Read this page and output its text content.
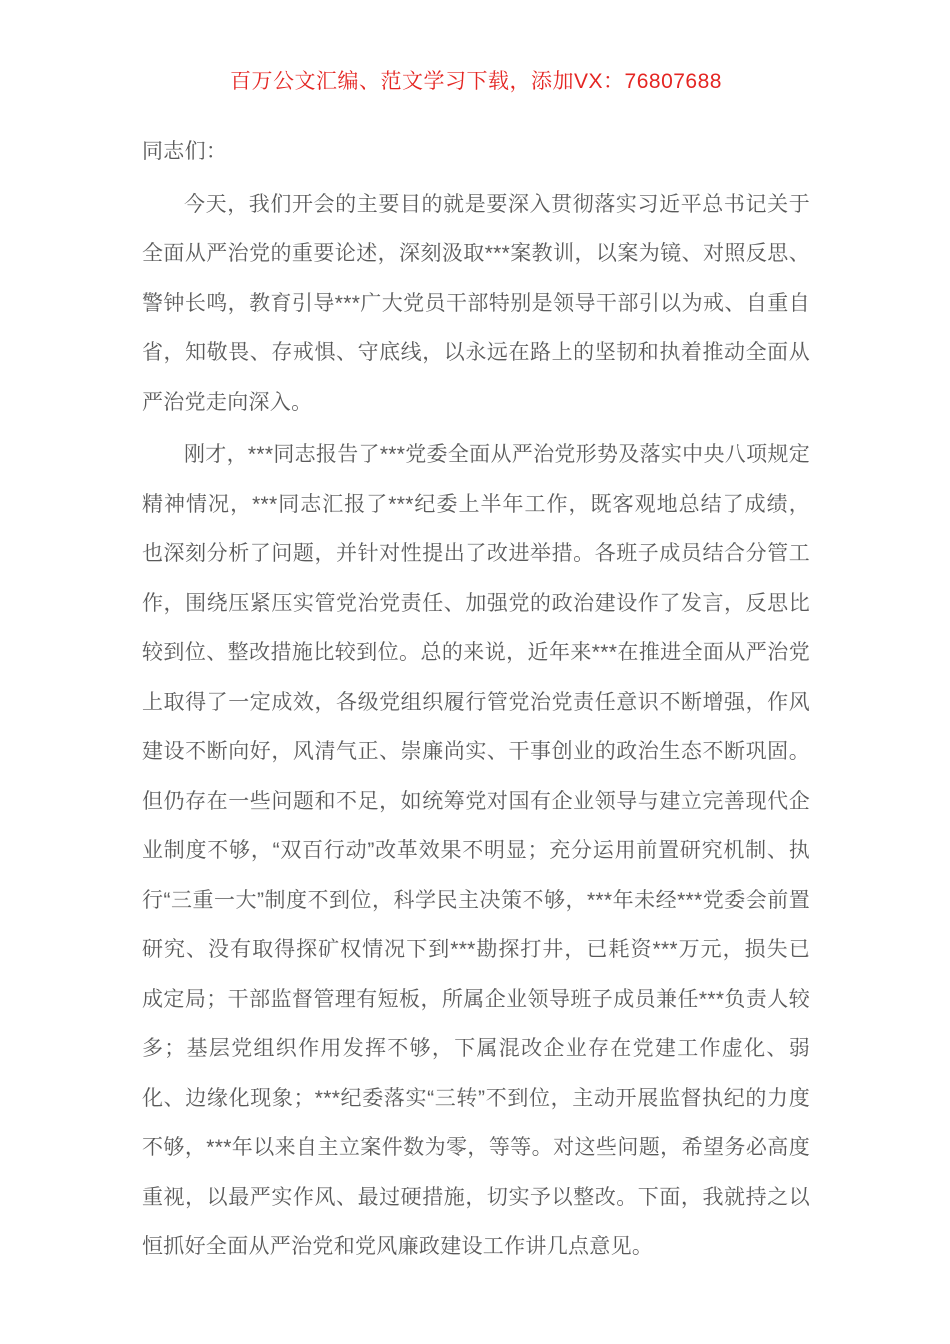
百万公文汇编、范文学习下载，添加VX：76807688

同志们：

今天，我们开会的主要目的就是要深入贯彻落实习近平总书记关于全面从严治党的重要论述，深刻汲取***案教训，以案为镜、对照反思、警钟长鸣，教育引导***广大党员干部特别是领导干部引以为戒、自重自省，知敬畏、存戒惧、守底线，以永远在路上的坚韧和执着推动全面从严治党走向深入。

刚才，***同志报告了***党委全面从严治党形势及落实中央八项规定精神情况，***同志汇报了***纪委上半年工作，既客观地总结了成绩，也深刻分析了问题，并针对性提出了改进举措。各班子成员结合分管工作，围绕压紧压实管党治党责任、加强党的政治建设作了发言，反思比较到位、整改措施比较到位。总的来说，近年来***在推进全面从严治党上取得了一定成效，各级党组织履行管党治党责任意识不断增强，作风建设不断向好，风清气正、崇廉尚实、干事创业的政治生态不断巩固。但仍存在一些问题和不足，如统筹党对国有企业领导与建立完善现代企业制度不够，“双百行动”改革效果不明显；充分运用前置研究机制、执行“三重一大”制度不到位，科学民主决策不够，***年未经***党委会前置研究、没有取得探矿权情况下到***勘探打井，已耗资***万元，损失已成定局；干部监督管理有短板，所属企业领导班子成员兼任***负责人较多；基层党组织作用发挥不够，下属混改企业存在党建工作虚化、弱化、边缘化现象；***纪委落实“三转”不到位，主动开展监督执纪的力度不够，***年以来自主立案件数为零，等等。对这些问题，希望务必高度重视，以最严实作风、最过硬措施，切实予以整改。下面，我就持之以恒抓好全面从严治党和党风廉政建设工作讲几点意见。
